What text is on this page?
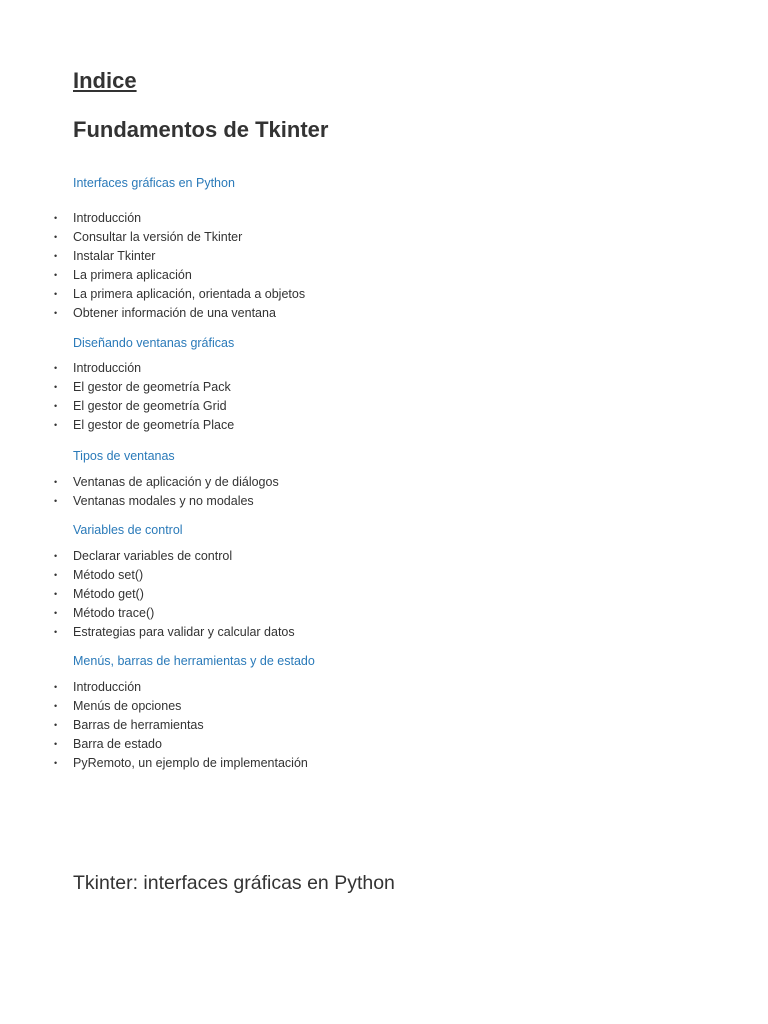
Indice
Fundamentos de Tkinter
Interfaces gráficas en Python
• Introducción
• Consultar la versión de Tkinter
• Instalar Tkinter
• La primera aplicación
• La primera aplicación, orientada a objetos
• Obtener información de una ventana
Diseñando ventanas gráficas
• Introducción
• El gestor de geometría Pack
• El gestor de geometría Grid
• El gestor de geometría Place
Tipos de ventanas
• Ventanas de aplicación y de diálogos
• Ventanas modales y no modales
Variables de control
• Declarar variables de control
• Método set()
• Método get()
• Método trace()
• Estrategias para validar y calcular datos
Menús, barras de herramientas y de estado
• Introducción
• Menús de opciones
• Barras de herramientas
• Barra de estado
• PyRemoto, un ejemplo de implementación
Tkinter: interfaces gráficas en Python
